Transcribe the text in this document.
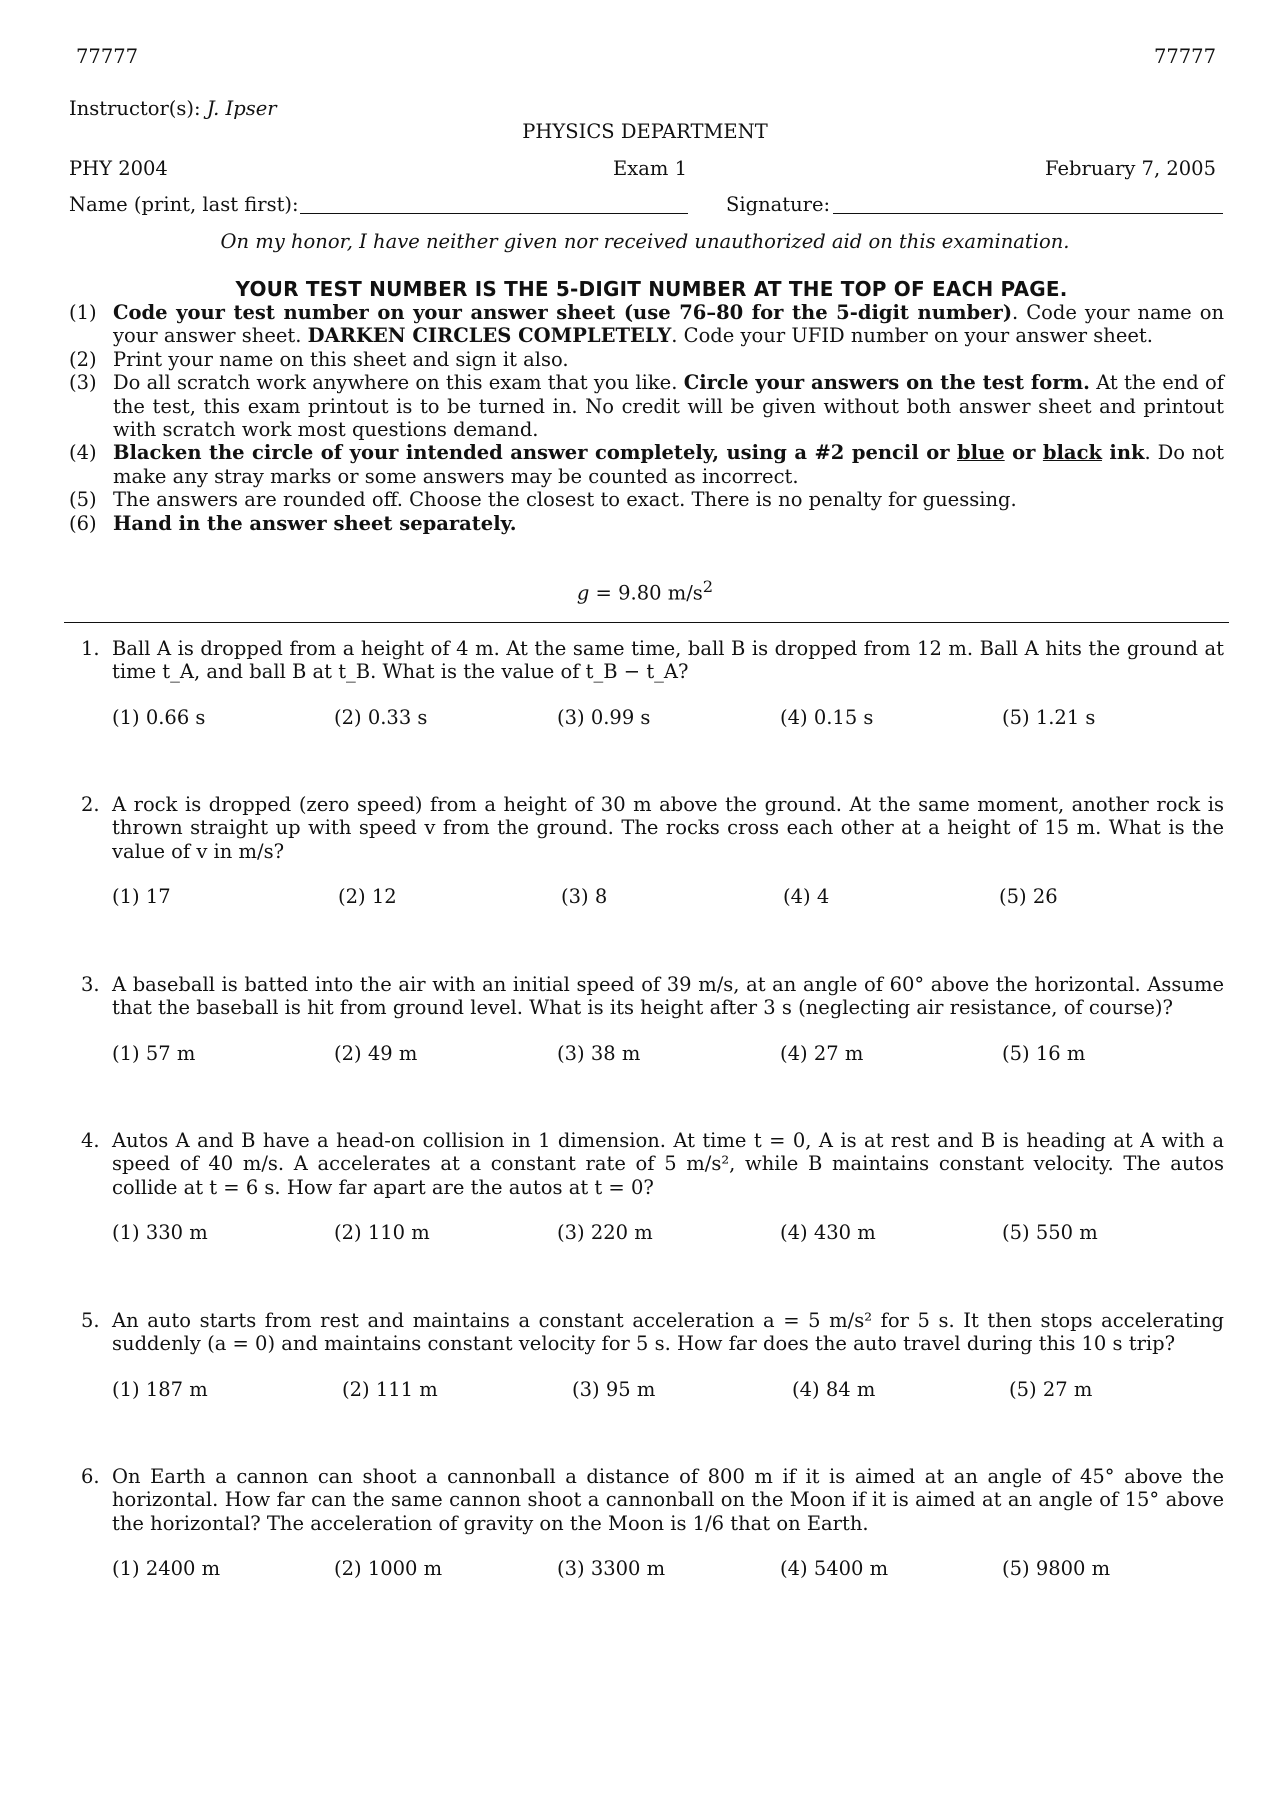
77777	77777
Instructor(s): J. Ipser
PHYSICS DEPARTMENT
PHY 2004	Exam 1	February 7, 2005
Name (print, last first):	Signature:
On my honor, I have neither given nor received unauthorized aid on this examination.
YOUR TEST NUMBER IS THE 5-DIGIT NUMBER AT THE TOP OF EACH PAGE.
(1) Code your test number on your answer sheet (use 76–80 for the 5-digit number). Code your name on your answer sheet. DARKEN CIRCLES COMPLETELY. Code your UFID number on your answer sheet.
(2) Print your name on this sheet and sign it also.
(3) Do all scratch work anywhere on this exam that you like. Circle your answers on the test form. At the end of the test, this exam printout is to be turned in. No credit will be given without both answer sheet and printout with scratch work most questions demand.
(4) Blacken the circle of your intended answer completely, using a #2 pencil or blue or black ink. Do not make any stray marks or some answers may be counted as incorrect.
(5) The answers are rounded off. Choose the closest to exact. There is no penalty for guessing.
(6) Hand in the answer sheet separately.
g = 9.80 $m/s^2$
1. Ball A is dropped from a height of 4 m. At the same time, ball B is dropped from 12 m. Ball A hits the ground at time t_A, and ball B at t_B. What is the value of t_B − t_A?
(1) 0.66 s	(2) 0.33 s	(3) 0.99 s	(4) 0.15 s	(5) 1.21 s
2. A rock is dropped (zero speed) from a height of 30 m above the ground. At the same moment, another rock is thrown straight up with speed v from the ground. The rocks cross each other at a height of 15 m. What is the value of v in m/s?
(1) 17	(2) 12	(3) 8	(4) 4	(5) 26
3. A baseball is batted into the air with an initial speed of 39 m/s, at an angle of 60° above the horizontal. Assume that the baseball is hit from ground level. What is its height after 3 s (neglecting air resistance, of course)?
(1) 57 m	(2) 49 m	(3) 38 m	(4) 27 m	(5) 16 m
4. Autos A and B have a head-on collision in 1 dimension. At time t = 0, A is at rest and B is heading at A with a speed of 40 m/s. A accelerates at a constant rate of 5 m/s², while B maintains constant velocity. The autos collide at t = 6 s. How far apart are the autos at t = 0?
(1) 330 m	(2) 110 m	(3) 220 m	(4) 430 m	(5) 550 m
5. An auto starts from rest and maintains a constant acceleration a = 5 m/s² for 5 s. It then stops accelerating suddenly (a = 0) and maintains constant velocity for 5 s. How far does the auto travel during this 10 s trip?
(1) 187 m	(2) 111 m	(3) 95 m	(4) 84 m	(5) 27 m
6. On Earth a cannon can shoot a cannonball a distance of 800 m if it is aimed at an angle of 45° above the horizontal. How far can the same cannon shoot a cannonball on the Moon if it is aimed at an angle of 15° above the horizontal? The acceleration of gravity on the Moon is 1/6 that on Earth.
(1) 2400 m	(2) 1000 m	(3) 3300 m	(4) 5400 m	(5) 9800 m
